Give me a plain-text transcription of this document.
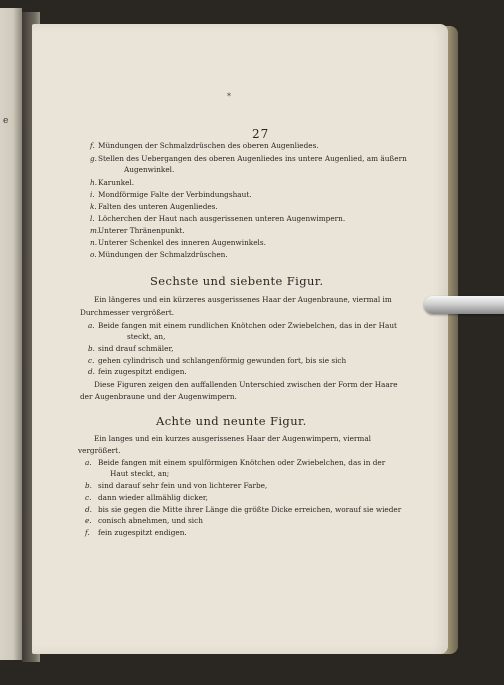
e
*
27
f. Mündungen der Schmalzdrüschen des oberen Augenliedes.
g. Stellen des Uebergangen des oberen Augenliedes ins untere Augenlied, am äußern
Augenwinkel.
h. Karunkel.
i. Mondförmige Falte der Verbindungshaut.
k. Falten des unteren Augenliedes.
l. Löcherchen der Haut nach ausgerissenen unteren Augenwimpern.
m.
Unterer Thränenpunkt.
n. Unterer Schenkel des inneren Augenwinkels.
o. Mündungen der Schmalzdrüschen.
Sechste und siebente Figur.
Ein längeres und ein kürzeres ausgerissenes Haar der Augenbraune, viermal im
Durchmesser vergrößert.
a. Beide fangen mit einem rundlichen Knötchen oder Zwiebelchen, das in der Haut
steckt, an,
b. sind drauf schmäler,
c. gehen cylindrisch und schlangenförmig gewunden fort, bis sie sich
d. fein zugespitzt endigen.
Diese Figuren zeigen den auffallenden Unterschied zwischen der Form der Haare
der Augenbraune und der Augenwimpern.
Achte und neunte Figur.
Ein langes und ein kurzes ausgerissenes Haar der Augenwimpern, viermal
vergrößert.
a. Beide fangen mit einem spulförmigen Knötchen oder Zwiebelchen, das in der
Haut steckt, an;
b. sind darauf sehr fein und von lichterer Farbe,
c. dann wieder allmählig dicker,
d. bis sie gegen die Mitte ihrer Länge die größte Dicke erreichen, worauf sie wieder
e. conisch abnehmen, und sich
f. fein zugespitzt endigen.
